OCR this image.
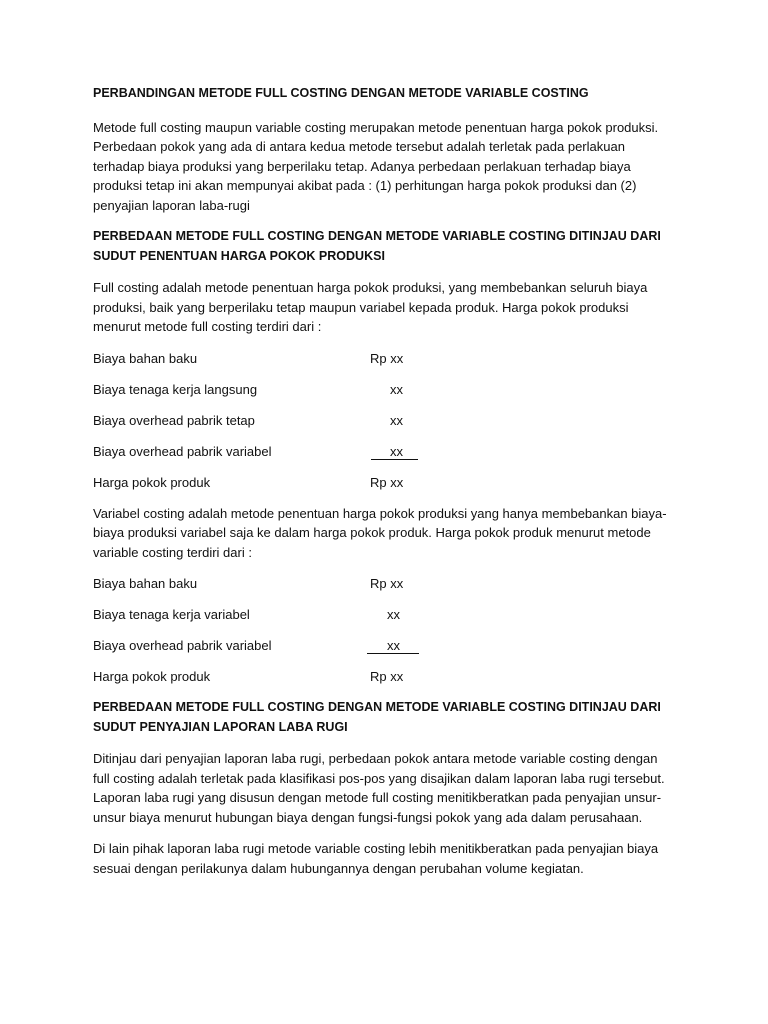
PERBANDINGAN METODE FULL COSTING DENGAN METODE VARIABLE COSTING

Metode full costing maupun variable costing merupakan metode penentuan harga pokok produksi. Perbedaan pokok yang ada di antara kedua metode tersebut adalah terletak pada perlakuan terhadap biaya produksi yang berperilaku tetap. Adanya perbedaan perlakuan terhadap biaya produksi tetap ini akan mempunyai akibat pada : (1) perhitungan harga pokok produksi dan (2) penyajian laporan laba-rugi

PERBEDAAN METODE FULL COSTING DENGAN METODE VARIABLE COSTING DITINJAU DARI SUDUT PENENTUAN HARGA POKOK PRODUKSI

Full costing adalah metode penentuan harga pokok produksi, yang membebankan seluruh biaya produksi, baik yang berperilaku tetap maupun variabel kepada produk. Harga pokok produksi menurut metode full costing terdiri dari :

Biaya bahan baku	Rp xx
Biaya tenaga kerja langsung	xx
Biaya overhead pabrik tetap	xx
Biaya overhead pabrik variabel	xx
Harga pokok produk	Rp xx

Variabel costing adalah metode penentuan harga pokok produksi yang hanya membebankan biaya-biaya produksi variabel saja ke dalam harga pokok produk. Harga pokok produk menurut metode variable costing terdiri dari :

Biaya bahan baku	Rp xx
Biaya tenaga kerja variabel	xx
Biaya overhead pabrik variabel	xx
Harga pokok produk	Rp xx

PERBEDAAN METODE FULL COSTING DENGAN METODE VARIABLE COSTING DITINJAU DARI SUDUT PENYAJIAN LAPORAN LABA RUGI

Ditinjau dari penyajian laporan laba rugi, perbedaan pokok antara metode variable costing dengan full costing adalah terletak pada klasifikasi pos-pos yang disajikan dalam laporan laba rugi tersebut. Laporan laba rugi yang disusun dengan metode full costing menitikberatkan pada penyajian unsur-unsur biaya menurut hubungan biaya dengan fungsi-fungsi pokok yang ada dalam perusahaan.

Di lain pihak laporan laba rugi metode variable costing lebih menitikberatkan pada penyajian biaya sesuai dengan perilakunya dalam hubungannya dengan perubahan volume kegiatan.
